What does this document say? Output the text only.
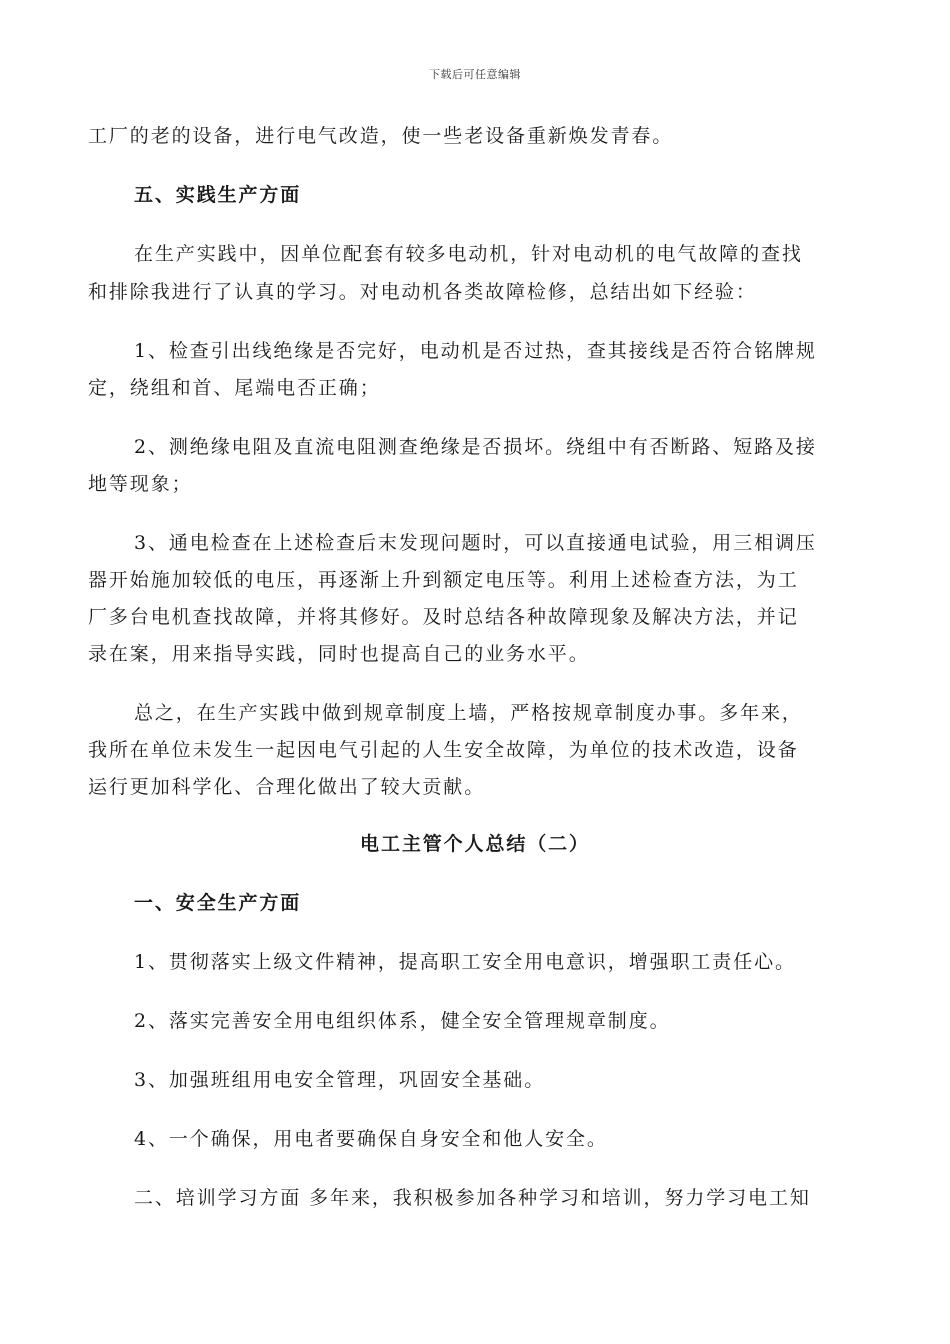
下载后可任意编辑
工厂的老的设备，进行电气改造，使一些老设备重新焕发青春。
五、实践生产方面
在生产实践中，因单位配套有较多电动机，针对电动机的电气故障的查找
和排除我进行了认真的学习。对电动机各类故障检修，总结出如下经验：
1、检查引出线绝缘是否完好，电动机是否过热，查其接线是否符合铭牌规
定，绕组和首、尾端电否正确；
2、测绝缘电阻及直流电阻测查绝缘是否损坏。绕组中有否断路、短路及接
地等现象；
3、通电检查在上述检查后末发现问题时，可以直接通电试验，用三相调压
器开始施加较低的电压，再逐渐上升到额定电压等。利用上述检查方法，为工
厂多台电机查找故障，并将其修好。及时总结各种故障现象及解决方法，并记
录在案，用来指导实践，同时也提高自己的业务水平。
总之，在生产实践中做到规章制度上墙，严格按规章制度办事。多年来，
我所在单位未发生一起因电气引起的人生安全故障，为单位的技术改造，设备
运行更加科学化、合理化做出了较大贡献。
电工主管个人总结（二）
一、安全生产方面
1、贯彻落实上级文件精神，提高职工安全用电意识，增强职工责任心。
2、落实完善安全用电组织体系，健全安全管理规章制度。
3、加强班组用电安全管理，巩固安全基础。
4、一个确保，用电者要确保自身安全和他人安全。
二、培训学习方面 多年来，我积极参加各种学习和培训，努力学习电工知
